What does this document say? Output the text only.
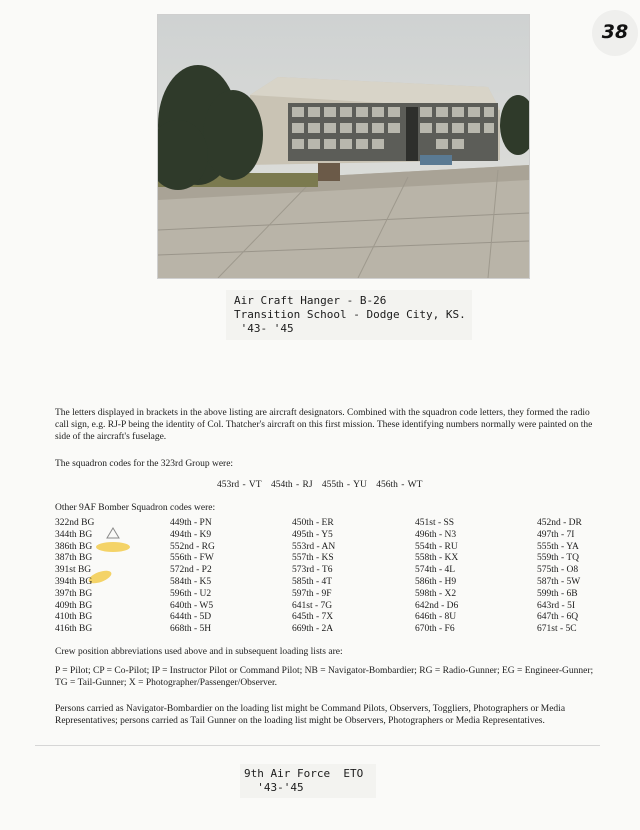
38
Air Craft Hanger - B-26
Transition School - Dodge City, KS.
'43- '45
The letters displayed in brackets in the above listing are aircraft designators. Combined with the squadron code letters, they formed the radio call sign, e.g. RJ-P being the identity of Col. Thatcher's aircraft on this first mission. These identifying numbers normally were painted on the side of the aircraft's fuselage.
The squadron codes for the 323rd Group were:
453rd - VT 454th - RJ 455th - YU 456th - WT
Other 9AF Bomber Squadron codes were:
322nd BG
344th BG
386th BG
387th BG
391st BG
394th BG
397th BG
409th BG
410th BG
416th BG
449th - PN
494th - K9
552nd - RG
556th - FW
572nd - P2
584th - K5
596th - U2
640th - W5
644th - 5D
668th - 5H
450th - ER
495th - Y5
553rd - AN
557th - KS
573rd - T6
585th - 4T
597th - 9F
641st - 7G
645th - 7X
669th - 2A
451st - SS
496th - N3
554th - RU
558th - KX
574th - 4L
586th - H9
598th - X2
642nd - D6
646th - 8U
670th - F6
452nd - DR
497th - 7I
555th - YA
559th - TQ
575th - O8
587th - 5W
599th - 6B
643rd - 5I
647th - 6Q
671st - 5C
Crew position abbreviations used above and in subsequent loading lists are:
P = Pilot; CP = Co-Pilot; IP = Instructor Pilot or Command Pilot; NB = Navigator-Bombardier; RG = Radio-Gunner; EG = Engineer-Gunner; TG = Tail-Gunner; X = Photographer/Passenger/Observer.
Persons carried as Navigator-Bombardier on the loading list might be Command Pilots, Observers, Toggliers, Photographers or Media Representatives; persons carried as Tail Gunner on the loading list might be Observers, Photographers or Media Representatives.
9th Air Force  ETO
'43-'45
